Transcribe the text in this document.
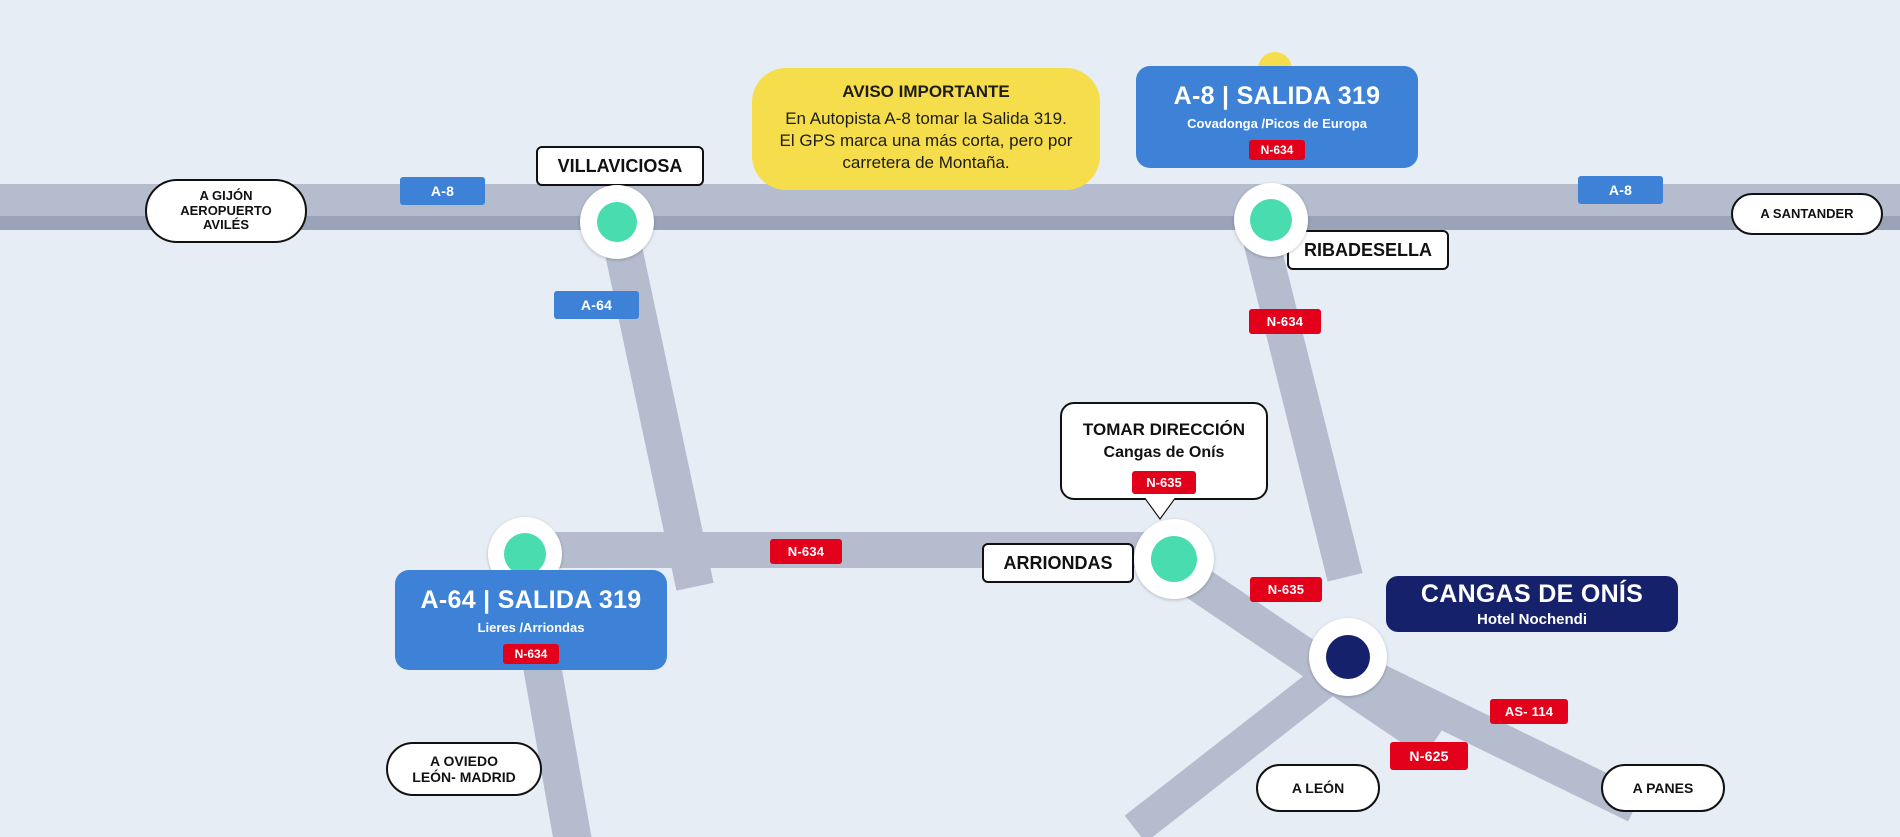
A-8	A-8
A-64
N-634
N-634
N-635
AS- 114
N-625
A GIJÓN
AEROPUERTO
AVILÉS
A SANTANDER
A OVIEDO
LEÓN- MADRID
A LEÓN	A PANES
VILLAVICIOSA
RIBADESELLA
ARRIONDAS
A-8 | SALIDA 319
Covadonga /Picos de Europa
N-634
A-64 | SALIDA 319
Lieres /Arriondas
N-634
TOMAR DIRECCIÓN
Cangas de Onís
N-635
AVISO IMPORTANTE
En Autopista A-8 tomar la Salida 319.
El GPS marca una más corta, pero por
carretera de Montaña.
CANGAS DE ONÍS
Hotel Nochendi
